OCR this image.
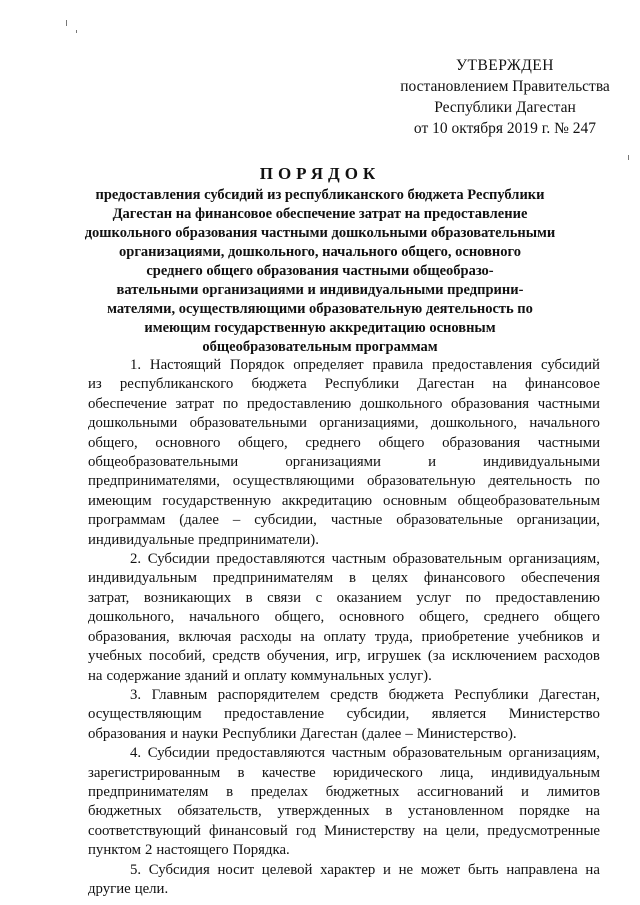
УТВЕРЖДЕН
постановлением Правительства
Республики Дагестан
от 10 октября 2019 г. № 247
ПОРЯДОК
предоставления субсидий из республиканского бюджета Республики
Дагестан на финансовое обеспечение затрат на предоставление
дошкольного образования частными дошкольными образовательными
организациями, дошкольного, начального общего, основного
среднего общего образования частными общеобразо-
вательными организациями и индивидуальными предприни-
мателями, осуществляющими образовательную деятельность по
имеющим государственную аккредитацию основным
общеобразовательным программам
1. Настоящий Порядок определяет правила предоставления субсидий
из республиканского бюджета Республики Дагестан на финансовое
обеспечение затрат по предоставлению дошкольного образования частными
дошкольными образовательными организациями, дошкольного, начального
общего, основного общего, среднего общего образования частными
общеобразовательными	организациями	и	индивидуальными
предпринимателями, осуществляющими образовательную деятельность по
имеющим государственную аккредитацию основным общеобразовательным
программам (далее – субсидии, частные образовательные организации,
индивидуальные предприниматели).
2. Субсидии предоставляются частным образовательным организациям,
индивидуальным предпринимателям в целях финансового обеспечения
затрат, возникающих в связи с оказанием услуг по предоставлению
дошкольного, начального общего, основного общего, среднего общего
образования, включая расходы на оплату труда, приобретение учебников и
учебных пособий, средств обучения, игр, игрушек (за исключением расходов
на содержание зданий и оплату коммунальных услуг).
3. Главным распорядителем средств бюджета Республики Дагестан,
осуществляющим предоставление субсидии, является Министерство
образования и науки Республики Дагестан (далее – Министерство).
4. Субсидии предоставляются частным образовательным организациям,
зарегистрированным в качестве юридического лица, индивидуальным
предпринимателям в пределах бюджетных ассигнований и лимитов
бюджетных обязательств, утвержденных в установленном порядке на
соответствующий финансовый год Министерству на цели, предусмотренные
пунктом 2 настоящего Порядка.
5. Субсидия носит целевой характер и не может быть направлена на
другие цели.
